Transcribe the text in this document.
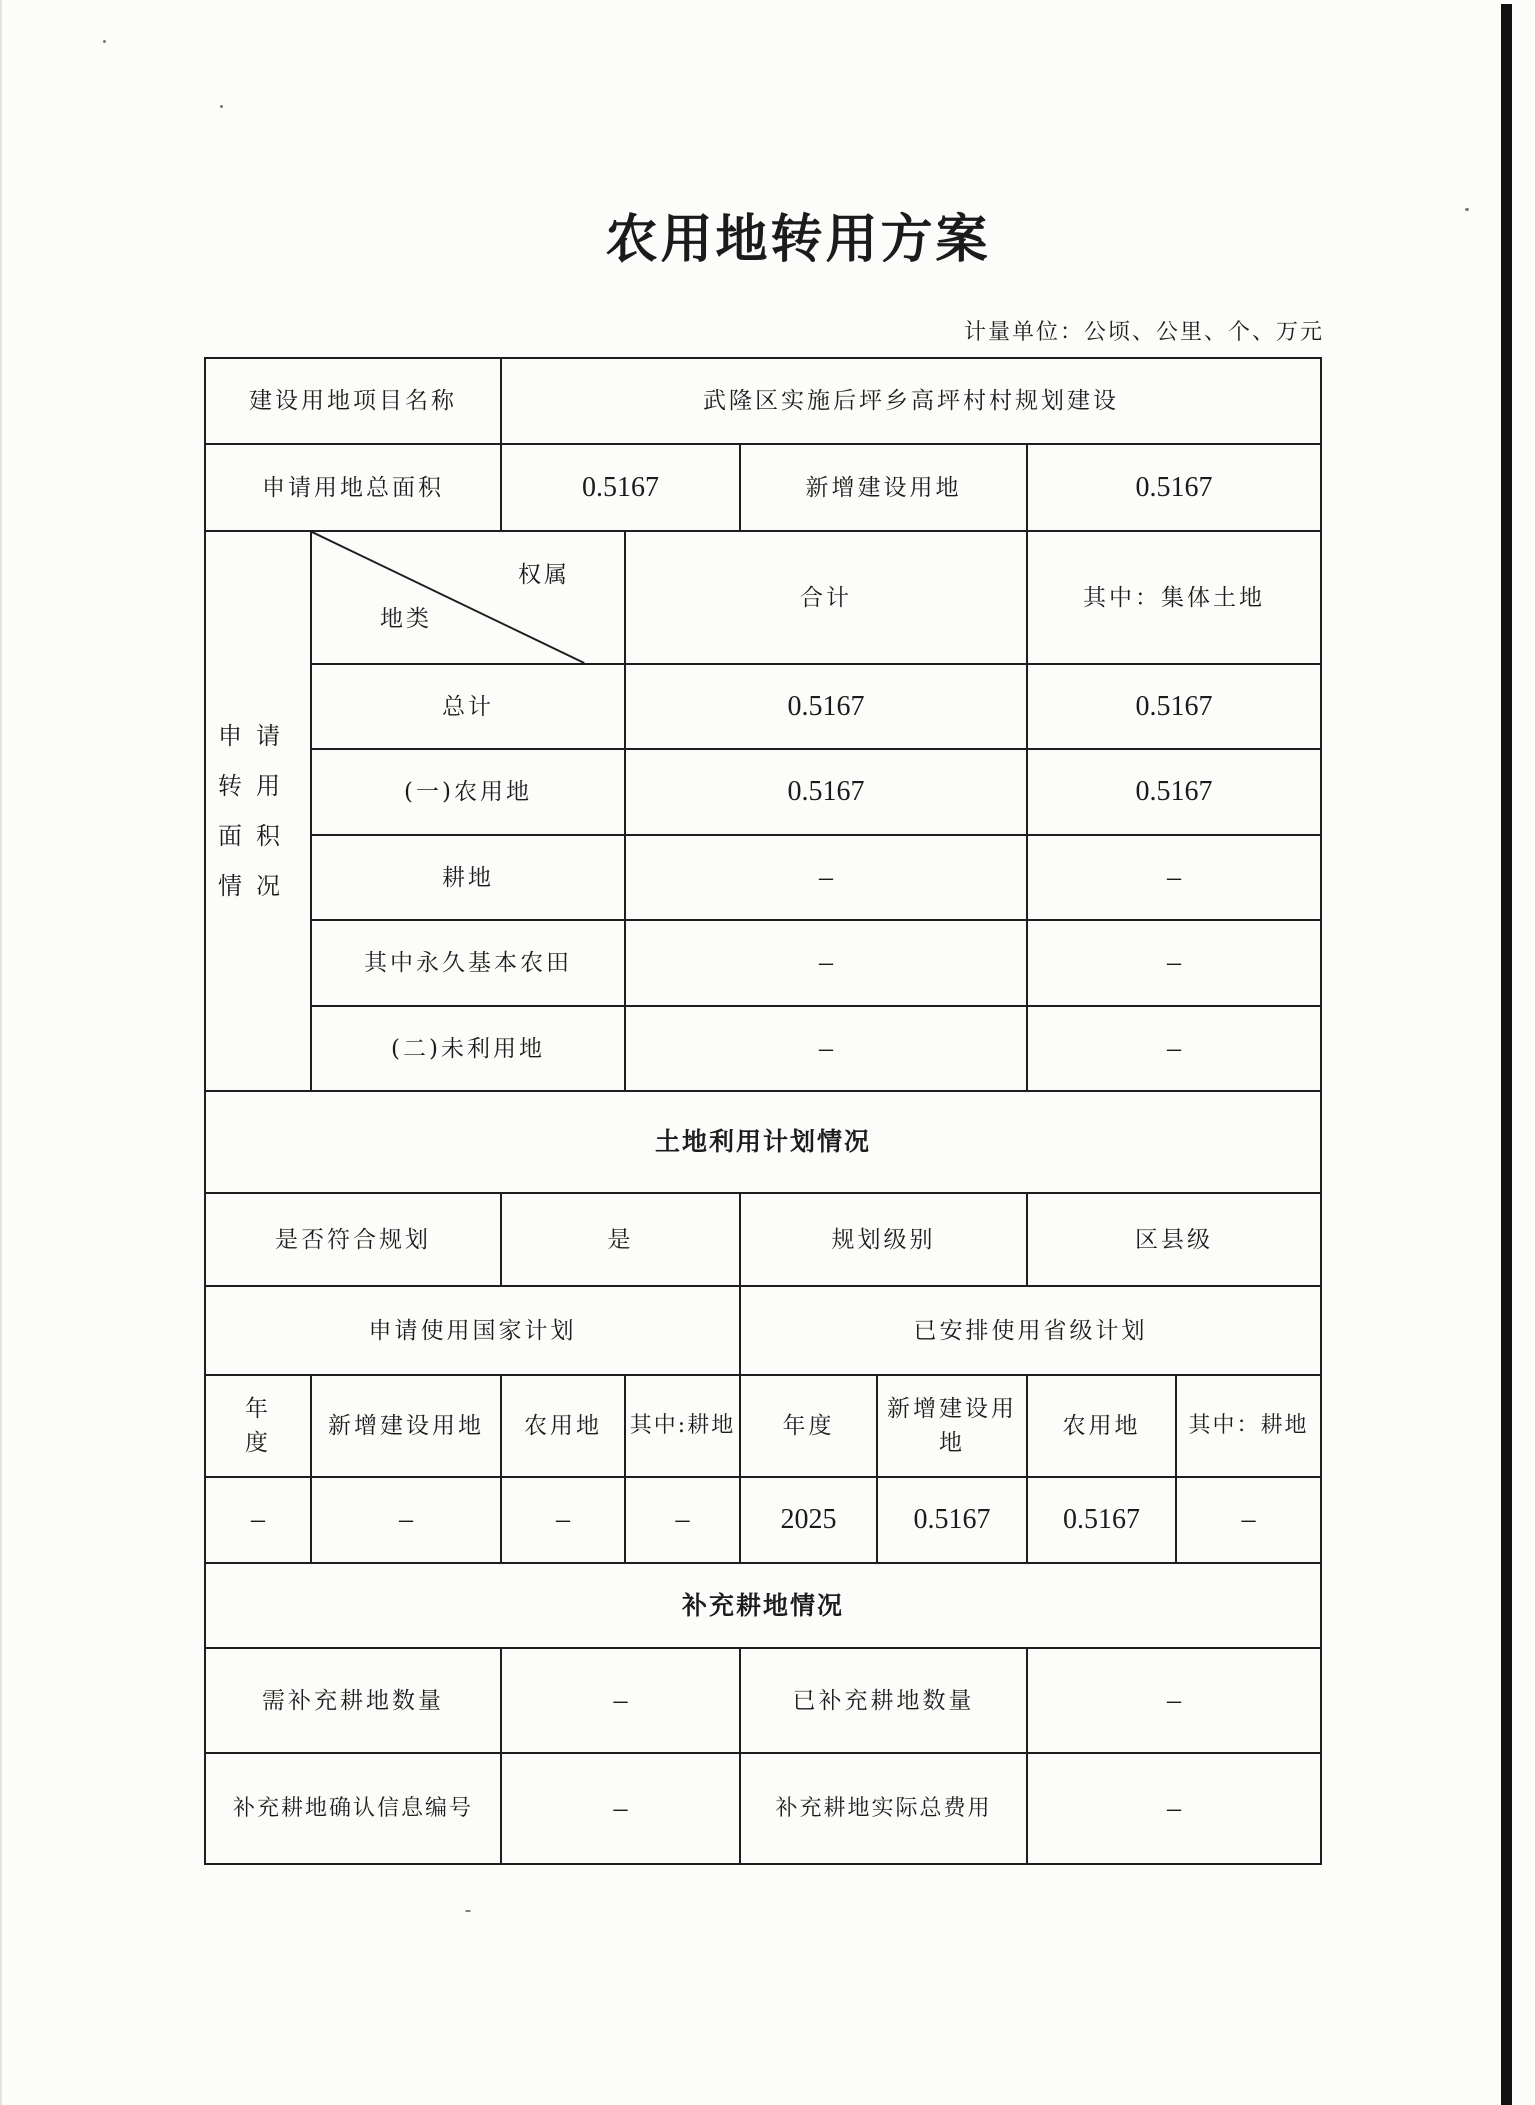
农用地转用方案
计量单位：公顷、公里、个、万元
建设用地项目名称		武隆区实施后坪乡高坪村村规划建设					
申请用地总面积		0.5167		新增建设用地		0.5167	
申请转用面积情况	权属
地类		合计			其中：集体土地	
	总计		0.5167			0.5167	
	(一)农用地		0.5167			0.5167	
	耕地		–			–	
	其中永久基本农田		–			–	
	(二)未利用地		–			–	
土地利用计划情况							
是否符合规划		是		规划级别		区县级	
申请使用国家计划				已安排使用省级计划			
年度	新增建设用地	农用地	其中:耕地	年度	新增建设用地	农用地	其中：耕地
–	–	–	–	2025	0.5167	0.5167	–
补充耕地情况							
需补充耕地数量		–		已补充耕地数量		–	
补充耕地确认信息编号		–		补充耕地实际总费用		–	
